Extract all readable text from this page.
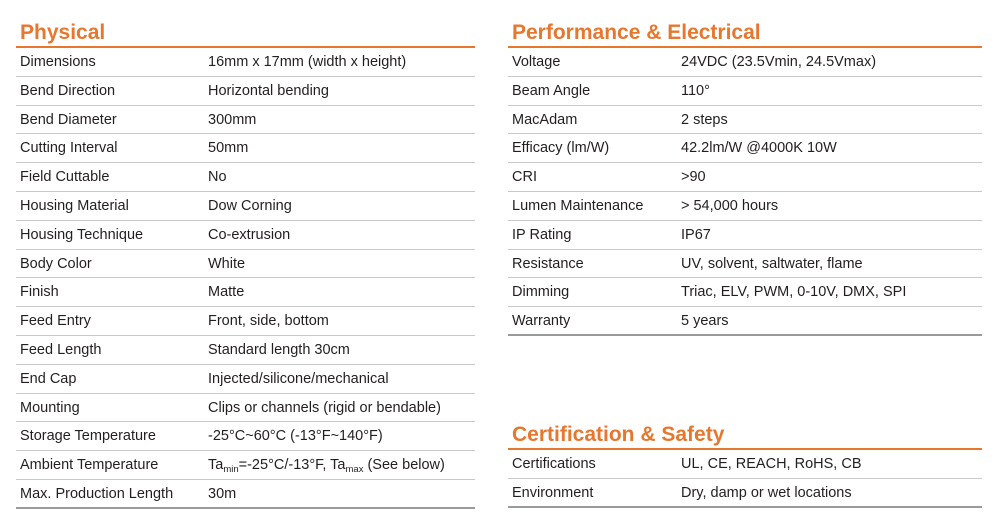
Physical
Dimensions	16mm x 17mm (width x height)
Bend Direction	Horizontal bending
Bend Diameter	300mm
Cutting Interval	50mm
Field Cuttable	No
Housing Material	Dow Corning
Housing Technique	Co-extrusion
Body Color	White
Finish	Matte
Feed Entry	Front, side, bottom
Feed Length	Standard length 30cm
End Cap	Injected/silicone/mechanical
Mounting	Clips or channels (rigid or bendable)
Storage Temperature	-25°C~60°C (-13°F~140°F)
Ambient Temperature	$Ta_{min}=-25^\circ C/-13^\circ F$, $Ta_{max}$ (See below)
Max. Production Length 30m
Performance & Electrical
Voltage	24VDC (23.5Vmin, 24.5Vmax)
Beam Angle	110°
MacAdam	2 steps
Efficacy (lm/W)	42.2lm/W @4000K 10W
CRI	>90
Lumen Maintenance	> 54,000 hours
IP Rating	IP67
Resistance	UV, solvent, saltwater, flame
Dimming	Triac, ELV, PWM, 0-10V, DMX, SPI
Warranty	5 years
Certification & Safety
Certifications	UL, CE, REACH, RoHS, CB
Environment	Dry, damp or wet locations
